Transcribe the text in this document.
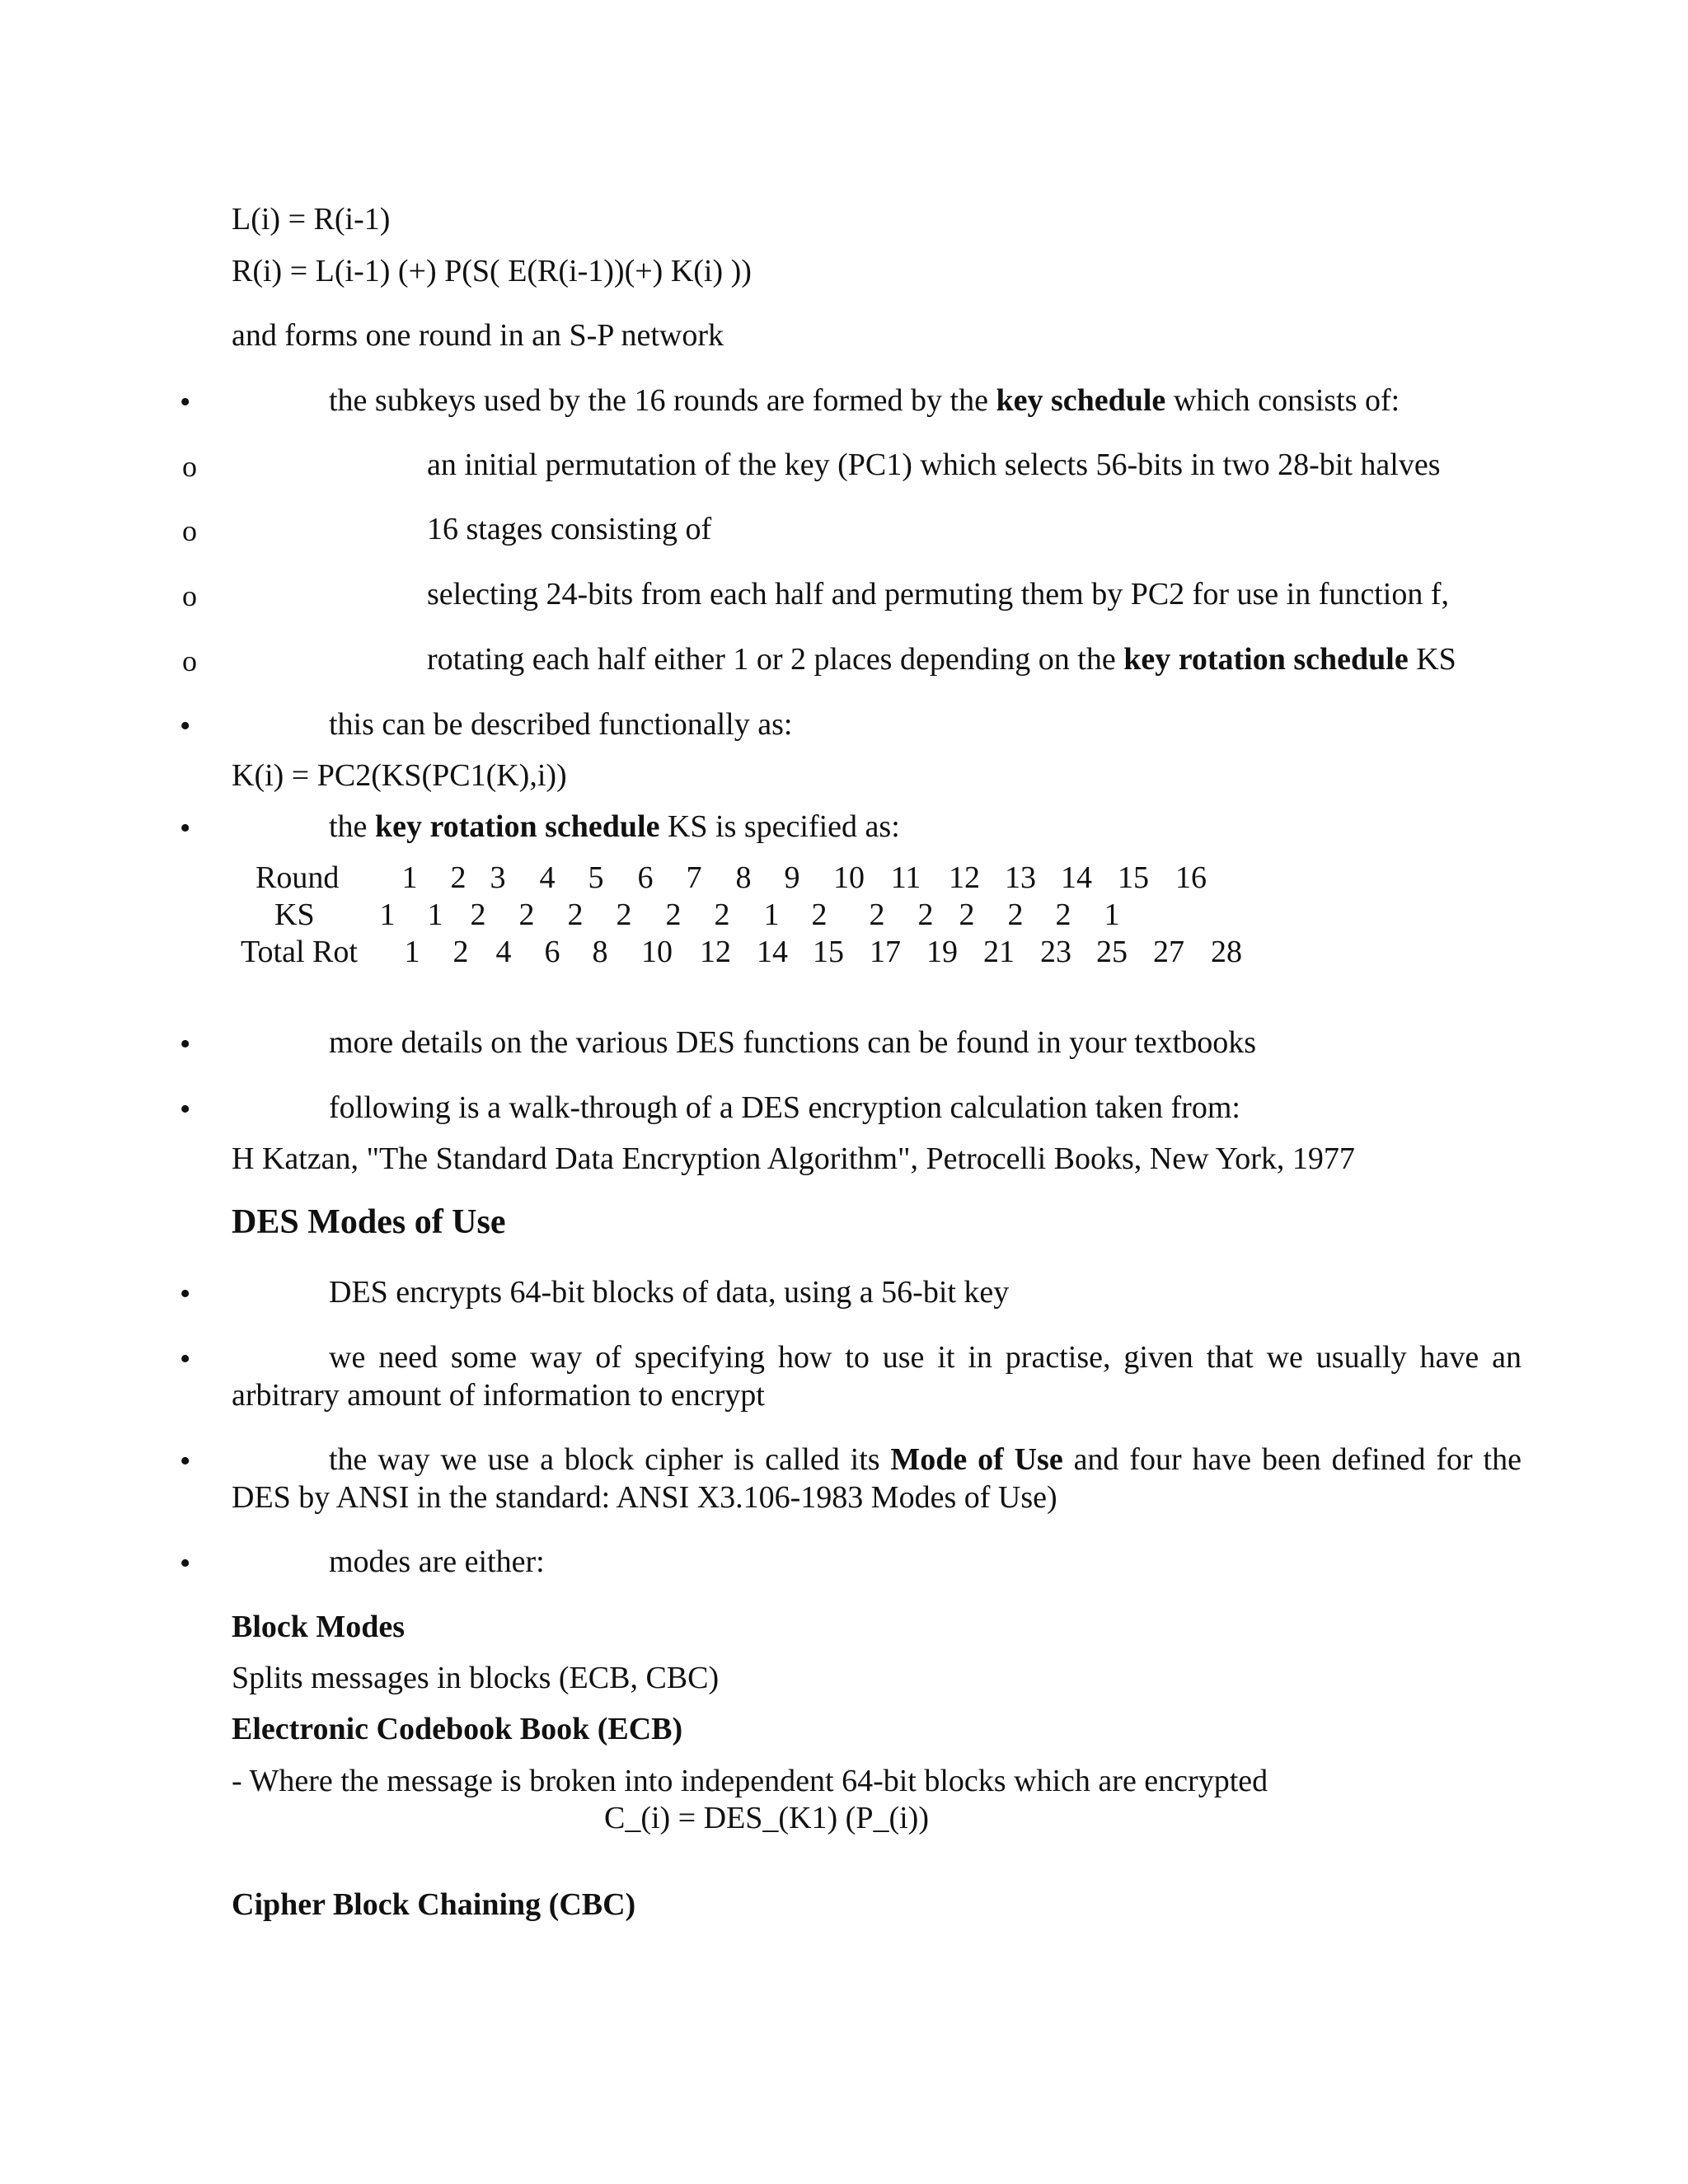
L(i) = R(i-1)
R(i) = L(i-1) (+) P(S( E(R(i-1))(+) K(i) ))
and forms one round in an S-P network
•	the subkeys used by the 16 rounds are formed by the key schedule which consists of:
o	an initial permutation of the key (PC1) which selects 56-bits in two 28-bit halves
o	16 stages consisting of
o	selecting 24-bits from each half and permuting them by PC2 for use in function f,
o	rotating each half either 1 or 2 places depending on the key rotation schedule KS
•	this can be described functionally as:
K(i) = PC2(KS(PC1(K),i))
•	the key rotation schedule KS is specified as:
Round	1	2 3	4	5	6	7	8	9	10 11 12 13 14 15 16
KS	1	1 2	2	2	2	2	2	1	2	2	2 2	2	2	1
Total Rot	1	2 4	6	8	10 12 14 15 17 19 21 23 25 27 28
•	more details on the various DES functions can be found in your textbooks
•	following is a walk-through of a DES encryption calculation taken from:
H Katzan, "The Standard Data Encryption Algorithm", Petrocelli Books, New York, 1977
DES Modes of Use
•	DES encrypts 64-bit blocks of data, using a 56-bit key
•	we need some way of specifying how to use it in practise, given that we usually have an arbitrary amount of information to encrypt
•	the way we use a block cipher is called its Mode of Use and four have been defined for the DES by ANSI in the standard: ANSI X3.106-1983 Modes of Use)
•	modes are either:
Block Modes
Splits messages in blocks (ECB, CBC)
Electronic Codebook Book (ECB)
- Where the message is broken into independent 64-bit blocks which are encrypted
C_(i) = DES_(K1) (P_(i))
Cipher Block Chaining (CBC)
